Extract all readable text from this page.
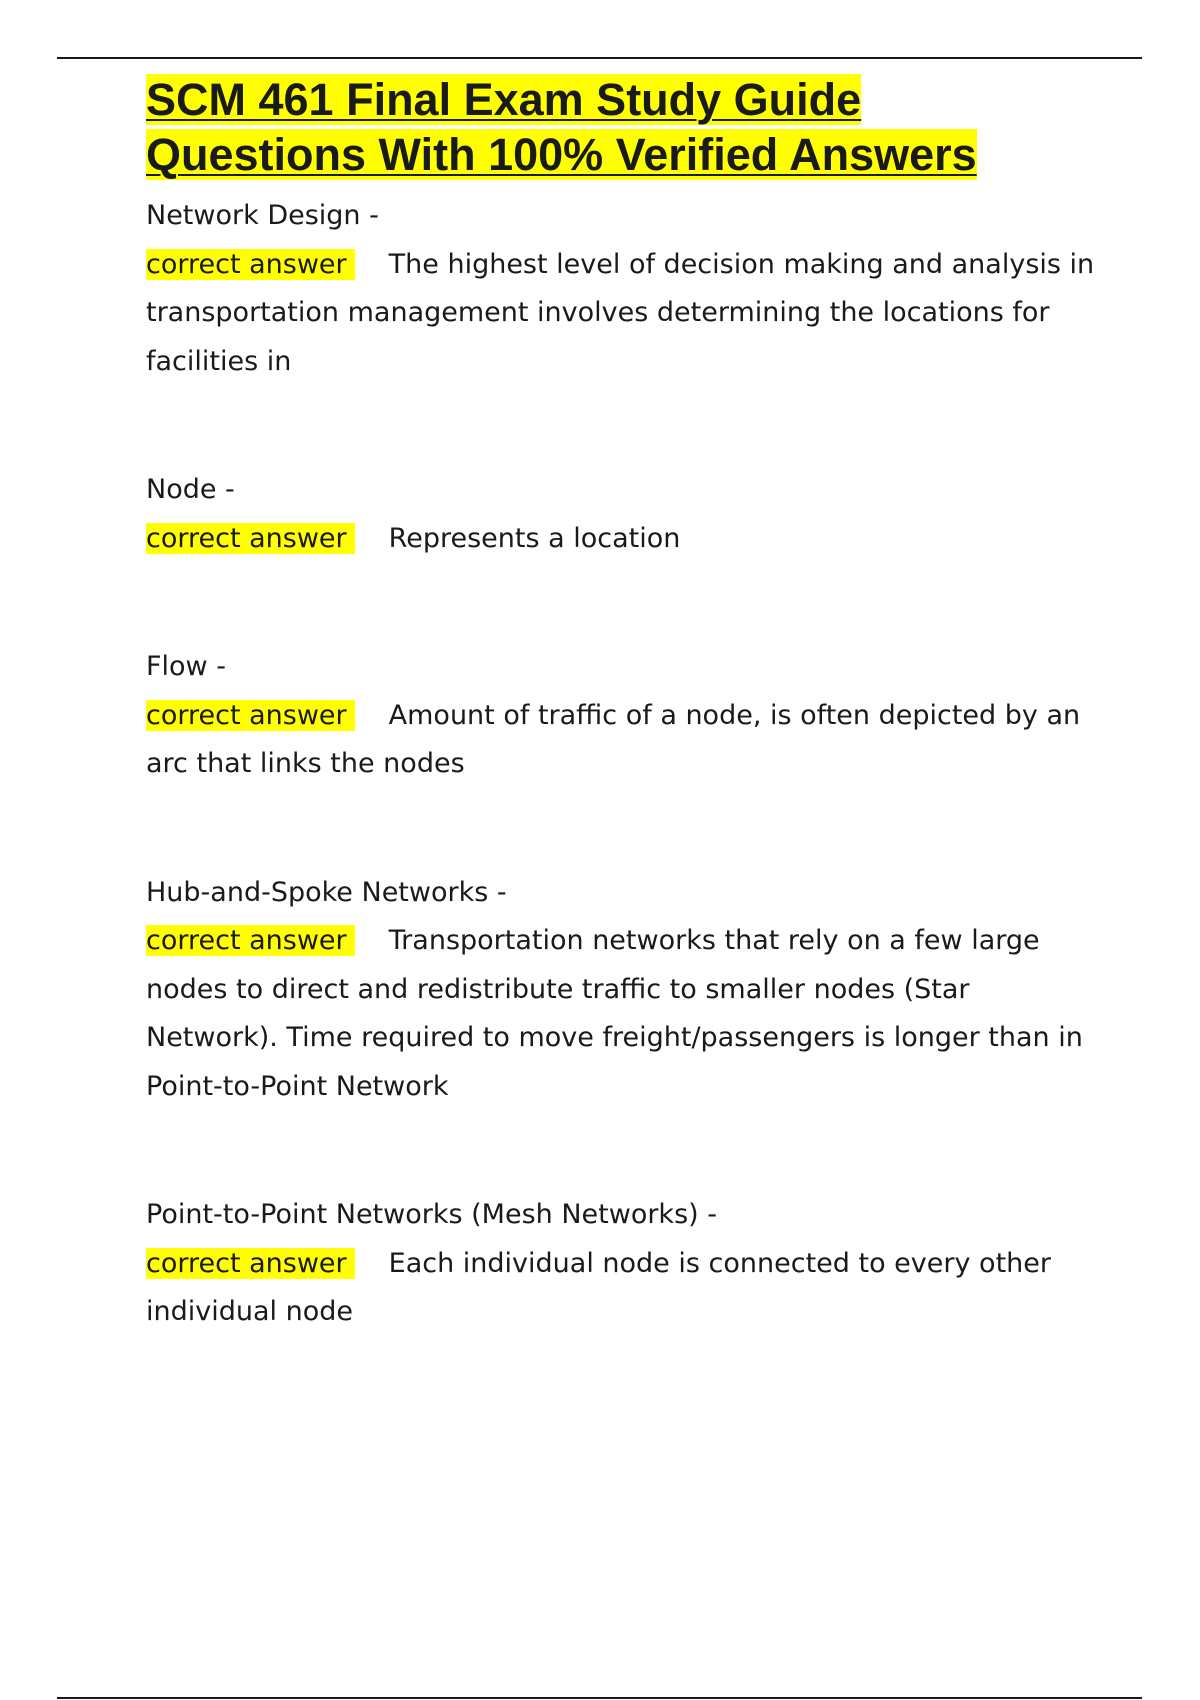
SCM 461 Final Exam Study Guide
Questions With 100% Verified Answers
Network Design -
correct answer The highest level of decision making and analysis in transportation management involves determining the locations for facilities in
Node -
correct answer Represents a location
Flow -
correct answer Amount of traffic of a node, is often depicted by an arc that links the nodes
Hub-and-Spoke Networks -
correct answer Transportation networks that rely on a few large nodes to direct and redistribute traffic to smaller nodes (Star Network). Time required to move freight/passengers is longer than in Point-to-Point Network
Point-to-Point Networks (Mesh Networks) -
correct answer Each individual node is connected to every other individual node
